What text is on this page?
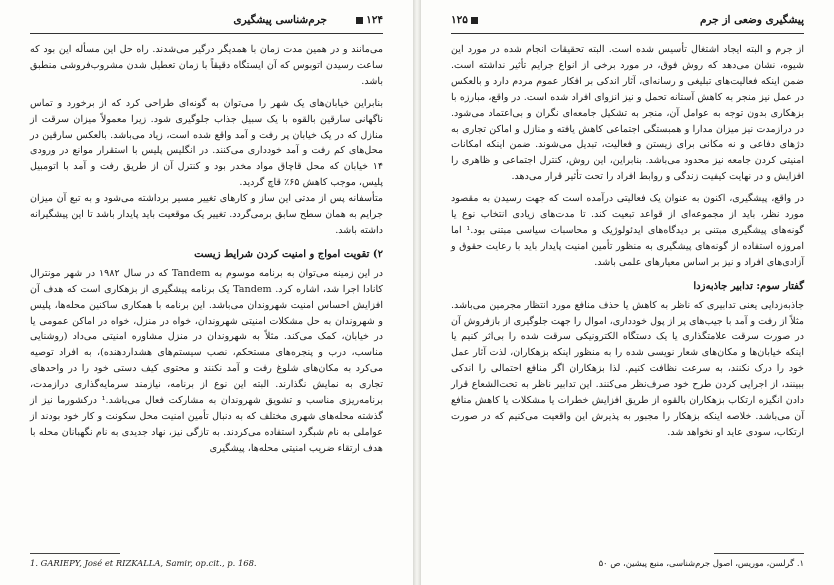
۱۲۴
جرم‌شناسی پیشگیری

می‌مانند و در همین مدت زمان با همدیگر درگیر می‌شدند. راه حل این مسأله این بود که ساعت رسیدن اتوبوس که آن ایستگاه دقیقاً با زمان تعطیل شدن مشروب‌فروشی منطبق باشد.

بنابراین خیابان‌های یک شهر را می‌توان به گونه‌ای طراحی کرد که از برخورد و تماس ناگهانی سارقین بالقوه با یک سبیل جذاب جلوگیری شود. زیرا معمولاً میزان سرقت از منازل که در یک خیابان پر رفت و آمد واقع شده است، زیاد می‌باشد. بالعکس سارقین در محل‌های کم رفت و آمد خودداری می‌کنند. در انگلیس پلیس با استقرار موانع در ورودی ۱۴ خیابان که محل قاچاق مواد مخدر بود و کنترل آن از طریق رفت و آمد با اتومبیل پلیس، موجب کاهش ۶۵٪ قاچ گردید.

متأسفانه پس از مدتی این ساز و کارهای تغییر مسیر برداشته می‌شود و به تبع آن میزان جرایم به همان سطح سابق برمی‌گردد. تغییر یک موقعیت باید پایدار باشد تا این پیشگیرانه داشته باشد.

۲) تقویت امواج و امنیت کردن شرایط زیست

در این زمینه می‌توان به برنامه موسوم به Tandem که در سال ۱۹۸۲ در شهر مونترال کانادا اجرا شد، اشاره کرد. Tandem یک برنامه پیشگیری از بزهکاری است که هدف آن افزایش احساس امنیت شهروندان می‌باشد. این برنامه با همکاری ساکنین محله‌ها، پلیس و شهروندان به حل مشکلات امنیتی شهروندان، خواه در منزل، خواه در اماکن عمومی یا در خیابان، کمک می‌کند. مثلاً به شهروندان در منزل مشاوره امنیتی می‌داد (روشنایی مناسب، درب و پنجره‌های مستحکم، نصب سیستم‌های هشداردهنده)، به افراد توصیه می‌کرد به مکان‌های شلوغ رفت و آمد نکنند و محتوی کیف دستی خود را در واحدهای تجاری به نمایش نگذارند. البته این نوع از برنامه، نیازمند سرمایه‌گذاری درازمدت، برنامه‌ریزی مناسب و تشویق شهروندان به مشارکت فعال می‌باشد.¹ درکشورما نیز از گذشته محله‌های شهری مختلف که به دنبال تأمین امنیت محل سکونت و کار خود بودند از عواملی به نام شبگرد استفاده می‌کردند. به تازگی نیز، نهاد جدیدی به نام نگهبانان محله با هدف ارتقاء ضریب امنیتی محله‌ها، پیشگیری

1. GARIEPY, José et RIZKALLA, Samir, op.cit., p. 168.
۱۲۵	پیشگیری وضعی از جرم

از جرم و البته ایجاد اشتغال تأسیس شده است. البته تحقیقات انجام شده در مورد این شیوه، نشان می‌دهد که روش فوق، در مورد برخی از انواع جرایم تأثیر نداشته است. ضمن اینکه فعالیت‌های تبلیغی و رسانه‌ای، آثار اندکی بر افکار عموم مردم دارد و بالعکس در عمل نیز منجر به کاهش آستانه تحمل و نیز انزوای افراد شده است. در واقع، مبارزه با بزهکاری بدون توجه به عوامل آن، منجر به تشکیل جامعه‌ای نگران و بی‌اعتماد می‌شود. در درازمدت نیز میزان مدارا و همبستگی اجتماعی کاهش یافته و منازل و اماکن تجاری به دژهای دفاعی و نه مکانی برای زیستن و فعالیت، تبدیل می‌شوند. ضمن اینکه امکانات امنیتی کردن جامعه نیز محدود می‌باشد. بنابراین، این روش، کنترل اجتماعی و ظاهری را افزایش و در نهایت کیفیت زندگی و روابط افراد را تحت تأثیر قرار می‌دهد.

در واقع، پیشگیری، اکنون به عنوان یک فعالیتی درآمده است که جهت رسیدن به مقصود مورد نظر، باید از مجموعه‌ای از قواعد تبعیت کند. تا مدت‌های زیادی انتخاب نوع یا گونه‌های پیشگیری مبتنی بر دیدگاه‌های ایدئولوژیک و محاسبات سیاسی مبتنی بود.¹ اما امروزه استفاده از گونه‌های پیشگیری به منظور تأمین امنیت پایدار باید با رعایت حقوق و آزادی‌های افراد و نیز بر اساس معیارهای علمی باشد.

گفتار سوم: تدابیر جاذبه‌زدا

جاذبه‌زدایی یعنی تدابیری که ناظر به کاهش یا حذف منافع مورد انتظار مجرمین می‌باشد. مثلاً از رفت و آمد با جیب‌های پر از پول خودداری، اموال را جهت جلوگیری از بازفروش آن در صورت سرقت علامتگذاری یا یک دستگاه الکترونیکی سرقت شده را بی‌اثر کنیم یا اینکه خیابان‌ها و مکان‌های شعار نویسی شده را به منظور اینکه بزهکاران، لذت آثار عمل خود را درک نکنند، به سرعت نظافت کنیم. لذا بزهکاران اگر منافع احتمالی را اندکی ببینند، از اجرایی کردن طرح خود صرف‌نظر می‌کنند. این تدابیر ناظر به تحت‌الشعاع قرار دادن انگیزه ارتکاب بزهکاران بالقوه از طریق افزایش خطرات یا مشکلات یا کاهش منافع آن می‌باشد. خلاصه اینکه بزهکار را مجبور به پذیرش این واقعیت می‌کنیم که در صورت ارتکاب، سودی عاید او نخواهد شد.

۱. گرلسن، موریس، اصول جرم‌شناسی، منبع پیشین، ص ۵۰
